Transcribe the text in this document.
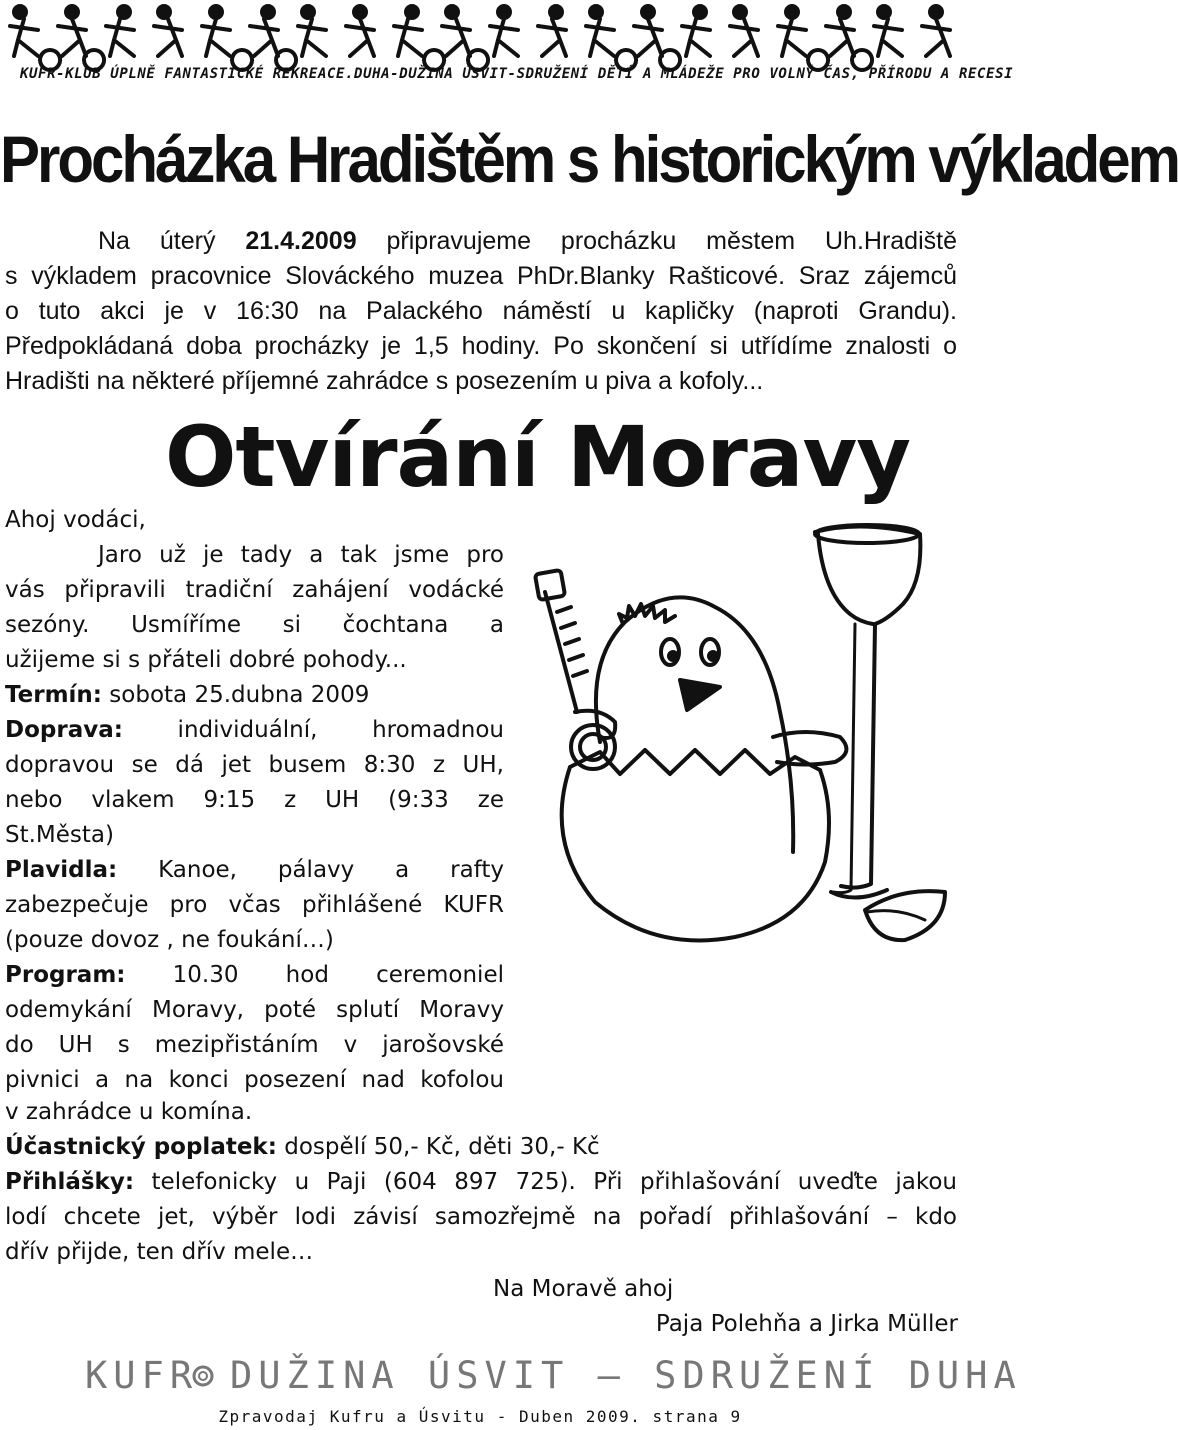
KUFR-KLUB ÚPLNĚ FANTASTICKÉ REKREACE.DUHA-DUŽINA ÚSVIT-SDRUŽENÍ DĚTÍ A MLÁDEŽE PRO VOLNÝ ČAS, PŘÍRODU A RECESI
Procházka Hradištěm s historickým výkladem
Na úterý 21.4.2009 připravujeme procházku městem Uh.Hradiště
s výkladem pracovnice Slováckého muzea PhDr.Blanky Rašticové. Sraz zájemců
o tuto akci je v 16:30 na Palackého náměstí u kapličky (naproti Grandu).
Předpokládaná doba procházky je 1,5 hodiny. Po skončení si utřídíme znalosti o
Hradišti na některé příjemné zahrádce s posezením u piva a kofoly...
Otvírání Moravy
Ahoj vodáci,
Jaro už je tady a tak jsme pro
vás připravili tradiční zahájení vodácké
sezóny. Usmíříme si čochtana a
užijeme si s přáteli dobré pohody...
Termín: sobota 25.dubna 2009
Doprava: individuální, hromadnou
dopravou se dá jet busem 8:30 z UH,
nebo vlakem 9:15 z UH (9:33 ze
St.Města)
Plavidla: Kanoe, pálavy a rafty
zabezpečuje pro včas přihlášené KUFR
(pouze dovoz , ne foukání…)
Program: 10.30 hod ceremoniel
odemykání Moravy, poté splutí Moravy
do UH s mezipřistáním v jarošovské
pivnici a na konci posezení nad kofolou
v zahrádce u komína.
Účastnický poplatek: dospělí 50,- Kč, děti 30,- Kč
Přihlášky: telefonicky u Paji (604 897 725). Při přihlašování uveďte jakou
lodí chcete jet, výběr lodi závisí samozřejmě na pořadí přihlašování – kdo
dřív přijde, ten dřív mele…
Na Moravě ahoj
Paja Polehňa a Jirka Müller
KUFR DUŽINA ÚSVIT – SDRUŽENÍ DUHA
Zpravodaj Kufru a Úsvitu - Duben 2009. strana 9
